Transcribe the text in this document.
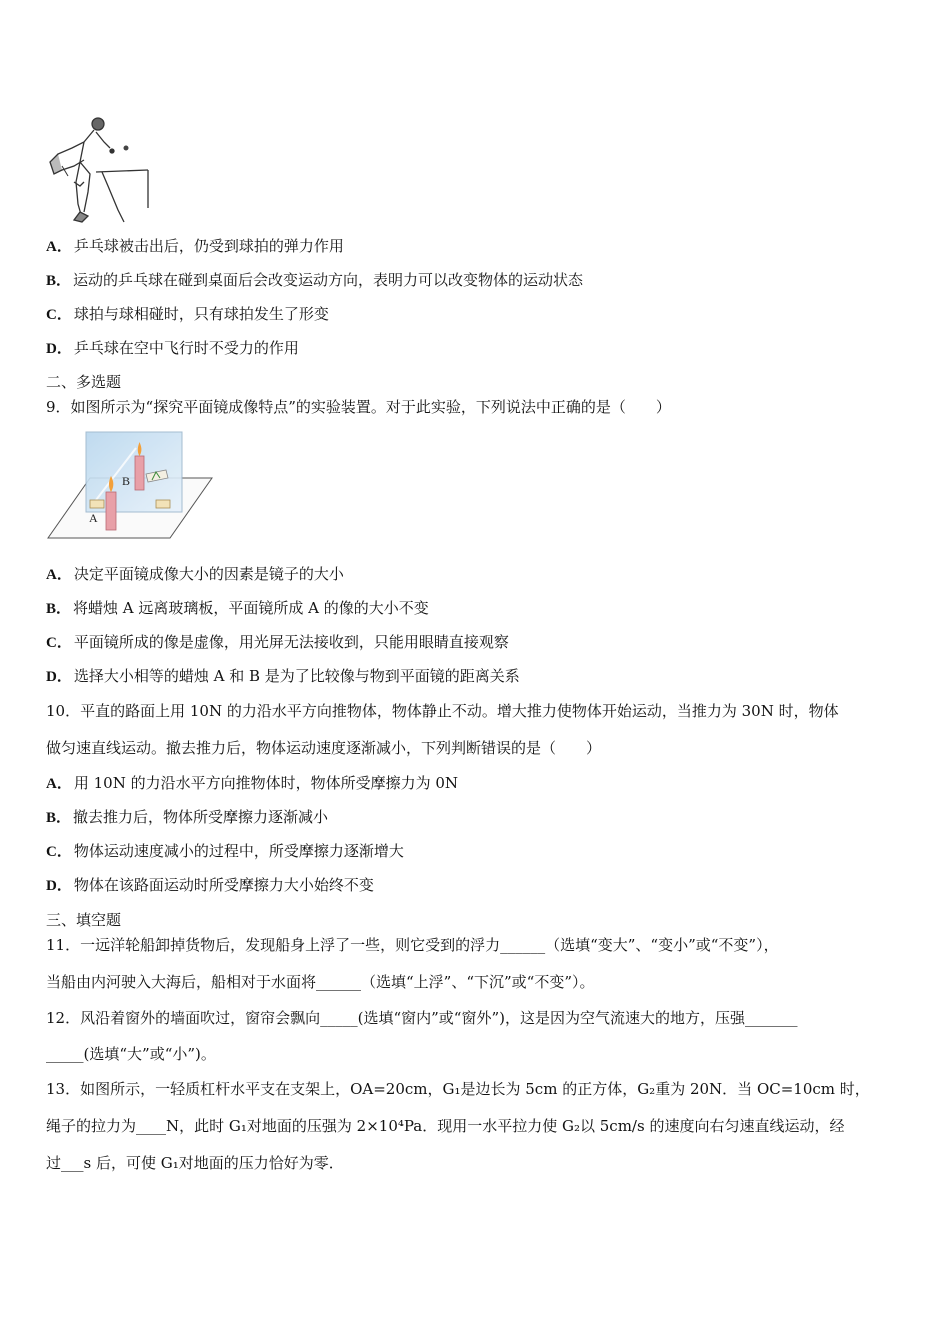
A． 乒乓球被击出后，仍受到球拍的弹力作用
B． 运动的乒乓球在碰到桌面后会改变运动方向，表明力可以改变物体的运动状态
C． 球拍与球相碰时，只有球拍发生了形变
D． 乒乓球在空中飞行时不受力的作用
二、多选题
9．如图所示为“探究平面镜成像特点”的实验装置。对于此实验，下列说法中正确的是（　　）
A
B
A． 决定平面镜成像大小的因素是镜子的大小
B． 将蜡烛 A 远离玻璃板，平面镜所成 A 的像的大小不变
C． 平面镜所成的像是虚像，用光屏无法接收到，只能用眼睛直接观察
D． 选择大小相等的蜡烛 A 和 B 是为了比较像与物到平面镜的距离关系
10．平直的路面上用 10N 的力沿水平方向推物体，物体静止不动。增大推力使物体开始运动，当推力为 30N 时，物体
做匀速直线运动。撤去推力后，物体运动速度逐渐减小，下列判断错误的是（　　）
A． 用 10N 的力沿水平方向推物体时，物体所受摩擦力为 0N
B． 撤去推力后，物体所受摩擦力逐渐减小
C． 物体运动速度减小的过程中，所受摩擦力逐渐增大
D． 物体在该路面运动时所受摩擦力大小始终不变
三、填空题
11．一远洋轮船卸掉货物后，发现船身上浮了一些，则它受到的浮力______（选填“变大”、“变小”或“不变”），
当船由内河驶入大海后，船相对于水面将______（选填“上浮”、“下沉”或“不变”）。
12．风沿着窗外的墙面吹过，窗帘会飘向_____(选填“窗内”或“窗外”)，这是因为空气流速大的地方，压强_______
_____(选填“大”或“小”)。
13．如图所示，一轻质杠杆水平支在支架上，OA=20cm，G₁是边长为 5cm 的正方体，G₂重为 20N．当 OC=10cm 时，
绳子的拉力为____N，此时 G₁对地面的压强为 2×10⁴Pa．现用一水平拉力使 G₂以 5cm/s 的速度向右匀速直线运动，经
过___s 后，可使 G₁对地面的压力恰好为零．
